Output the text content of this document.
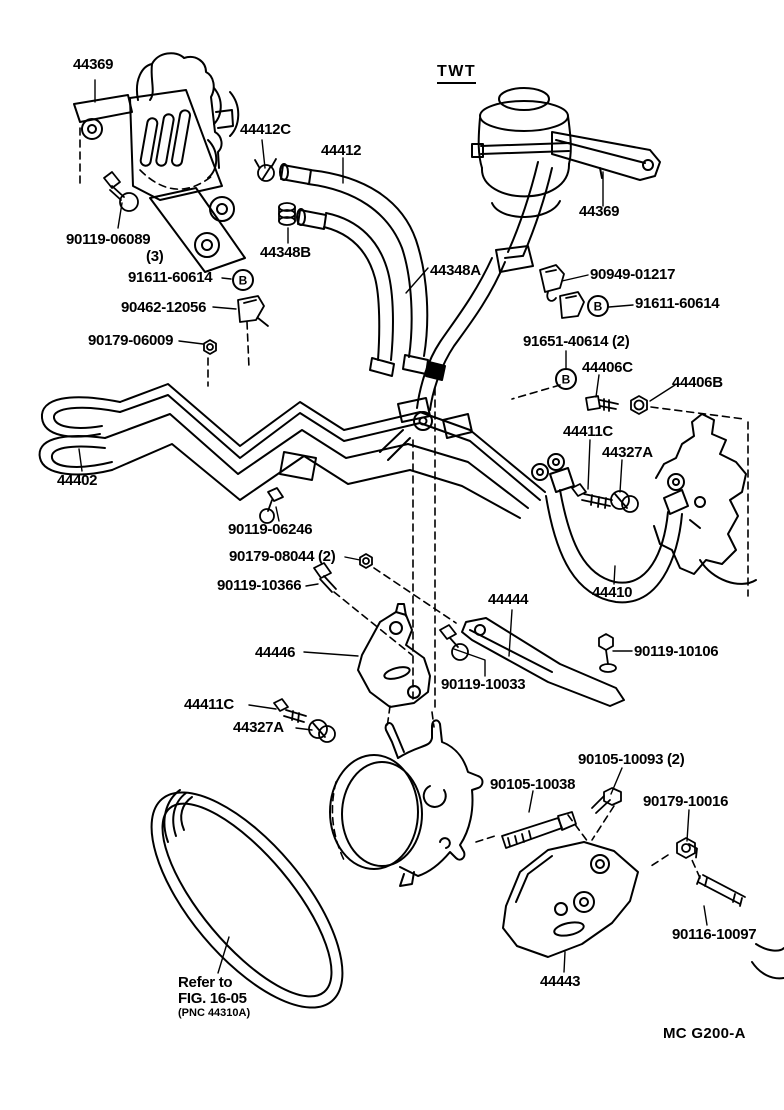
B
B
B
44369	TWT
44412C
44412
44369
90119-06089
(3)	44348B
44348A	90949-01217
91611-60614
91611-60614
90462-12056
90179-06009	91651-40614 (2)
44406C
44406B
44411C
44327A
44402
90119-06246
90179-08044 (2)
90119-10366
44444	44410
44446
90119-10033
90119-10106
44411C
44327A
90105-10093 (2)
90105-10038
90179-10016
90116-10097
44443
Refer to
FIG. 16-05
(PNC 44310A)
MC G200-A
